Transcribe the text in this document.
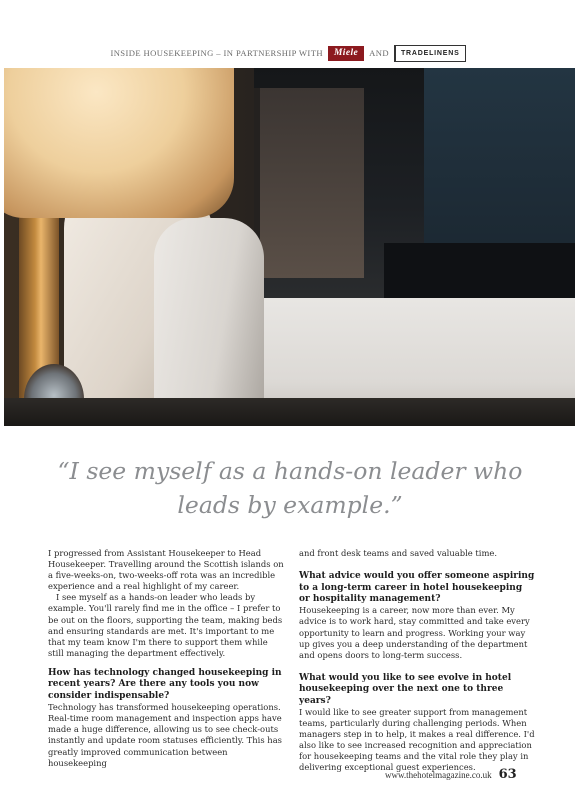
INSIDE HOUSEKEEPING – IN PARTNERSHIP WITH	Miele	AND	TRADELINENS
“I see myself as a hands-on leader who leads by example.”

I progressed from Assistant Housekeeper to Head Housekeeper. Travelling around the Scottish islands on a five-weeks-on, two-weeks-off rota was an incredible experience and a real highlight of my career.

I see myself as a hands-on leader who leads by example. You'll rarely find me in the office – I prefer to be out on the floors, supporting the team, making beds and ensuring standards are met. It's important to me that my team know I'm there to support them while still managing the department effectively.

How has technology changed housekeeping in recent years? Are there any tools you now consider indispensable?

Technology has transformed housekeeping operations. Real-time room management and inspection apps have made a huge difference, allowing us to see check-outs instantly and update room statuses efficiently. This has greatly improved communication between housekeeping

and front desk teams and saved valuable time.

What advice would you offer someone aspiring to a long-term career in hotel housekeeping or hospitality management?

Housekeeping is a career, now more than ever. My advice is to work hard, stay committed and take every opportunity to learn and progress. Working your way up gives you a deep understanding of the department and opens doors to long-term success.

What would you like to see evolve in hotel housekeeping over the next one to three years?

I would like to see greater support from management teams, particularly during challenging periods. When managers step in to help, it makes a real difference. I'd also like to see increased recognition and appreciation for housekeeping teams and the vital role they play in delivering exceptional guest experiences.

www.thehotelmagazine.co.uk 63
